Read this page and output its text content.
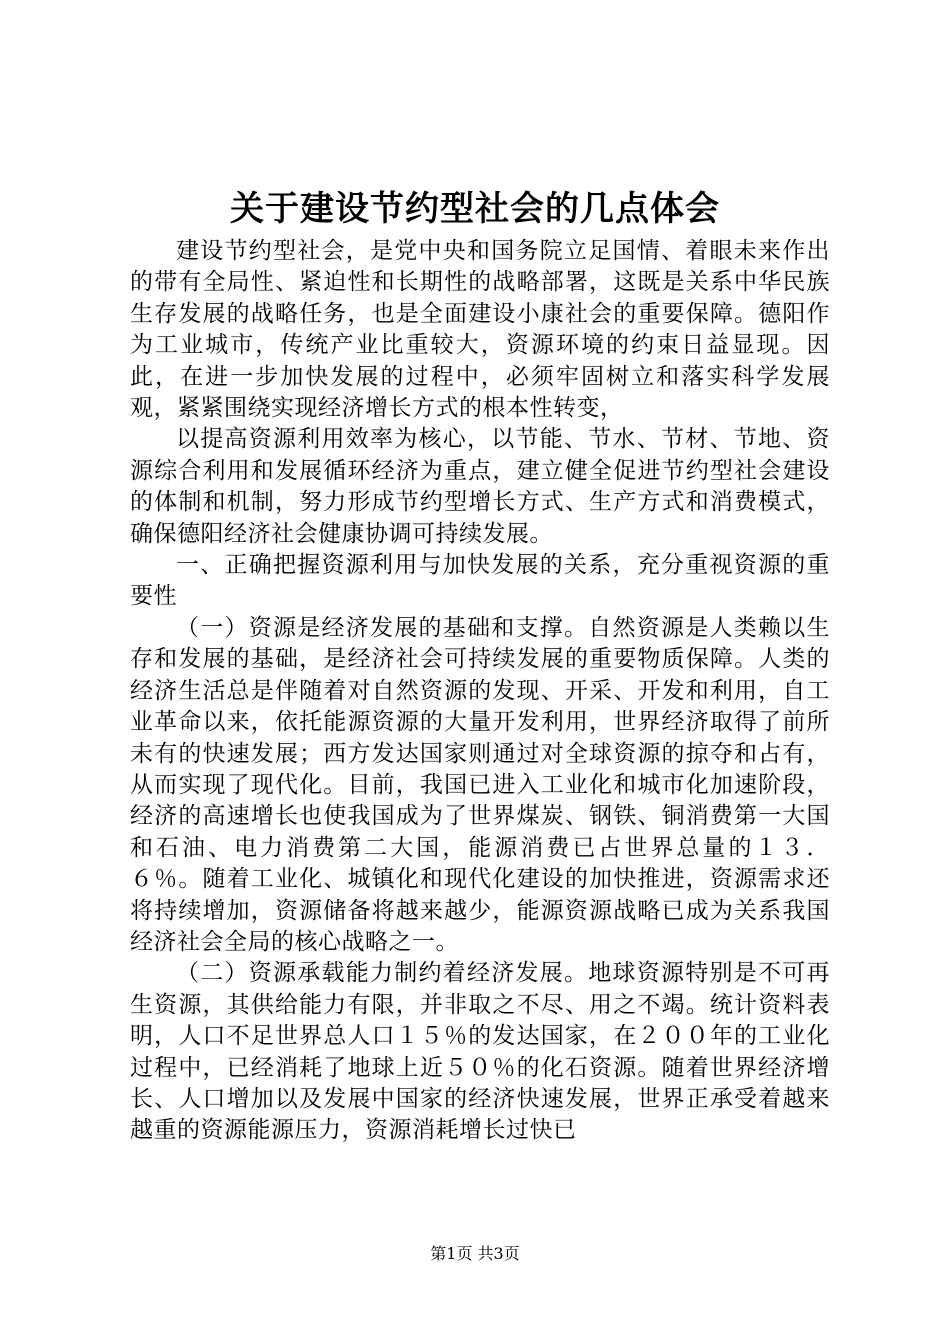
关于建设节约型社会的几点体会

建设节约型社会，是党中央和国务院立足国情、着眼未来作出的带有全局性、紧迫性和长期性的战略部署，这既是关系中华民族生存发展的战略任务，也是全面建设小康社会的重要保障。德阳作为工业城市，传统产业比重较大，资源环境的约束日益显现。因此，在进一步加快发展的过程中，必须牢固树立和落实科学发展观，紧紧围绕实现经济增长方式的根本性转变，

以提高资源利用效率为核心，以节能、节水、节材、节地、资源综合利用和发展循环经济为重点，建立健全促进节约型社会建设的体制和机制，努力形成节约型增长方式、生产方式和消费模式，确保德阳经济社会健康协调可持续发展。

一、正确把握资源利用与加快发展的关系，充分重视资源的重要性

（一）资源是经济发展的基础和支撑。自然资源是人类赖以生存和发展的基础，是经济社会可持续发展的重要物质保障。人类的经济生活总是伴随着对自然资源的发现、开采、开发和利用，自工业革命以来，依托能源资源的大量开发利用，世界经济取得了前所未有的快速发展；西方发达国家则通过对全球资源的掠夺和占有，从而实现了现代化。目前，我国已进入工业化和城市化加速阶段，经济的高速增长也使我国成为了世界煤炭、钢铁、铜消费第一大国和石油、电力消费第二大国，能源消费已占世界总量的１３．６％。随着工业化、城镇化和现代化建设的加快推进，资源需求还将持续增加，资源储备将越来越少，能源资源战略已成为关系我国经济社会全局的核心战略之一。

（二）资源承载能力制约着经济发展。地球资源特别是不可再生资源，其供给能力有限，并非取之不尽、用之不竭。统计资料表明，人口不足世界总人口１５％的发达国家，在２００年的工业化过程中，已经消耗了地球上近５０％的化石资源。随着世界经济增长、人口增加以及发展中国家的经济快速发展，世界正承受着越来越重的资源能源压力，资源消耗增长过快已

第1页 共3页
